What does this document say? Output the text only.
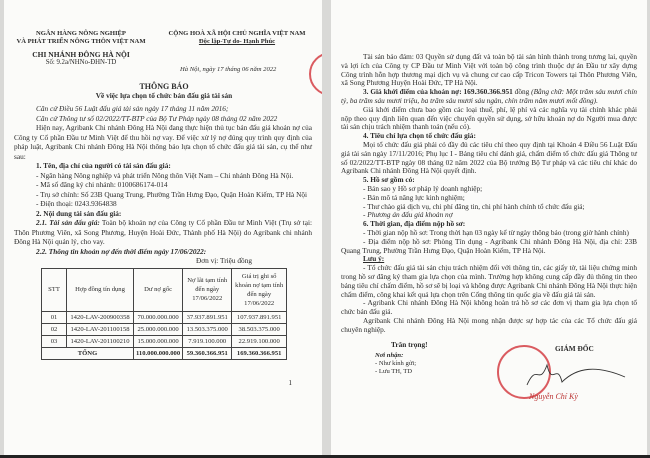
NGÂN HÀNG NÔNG NGHIỆP
VÀ PHÁT TRIỂN NÔNG THÔN VIỆT NAM
CHI NHÁNH ĐÔNG HÀ NỘI
Số: 9.2a/NHNo-ĐHN-TD
CỘNG HOÀ XÃ HỘI CHỦ NGHĨA VIỆT NAM
Độc lập-Tự do- Hạnh Phúc
Hà Nội, ngày 17 tháng 06 năm 2022
THÔNG BÁO
Về việc lựa chọn tổ chức bán đấu giá tài sản
Căn cứ Điều 56 Luật đấu giá tài sản ngày 17 tháng 11 năm 2016;
Căn cứ Thông tư số 02/2022/TT-BTP của Bộ Tư Pháp ngày 08 tháng 02 năm 2022
Hiện nay, Agribank Chi nhánh Đông Hà Nội đang thực hiện thủ tục bán đấu giá khoản nợ của Công ty Cổ phần Đầu tư Minh Việt để thu hồi nợ vay. Để việc xử lý nợ đúng quy trình quy định của pháp luật, Agribank Chi nhánh Đông Hà Nội thông báo lựa chọn tổ chức đấu giá tài sản, cụ thể như sau:
1. Tên, địa chỉ của người có tài sản đấu giá:
- Ngân hàng Nông nghiệp và phát triển Nông thôn Việt Nam – Chi nhánh Đông Hà Nội.
- Mã số đăng ký chi nhánh: 0100686174-014
- Trụ sở chính: Số 23B Quang Trung, Phường Trần Hưng Đạo, Quận Hoàn Kiếm, TP Hà Nội
- Điện thoại: 0243.9364838
2. Nội dung tài sản đấu giá:
2.1. Tài sản đấu giá: Toàn bộ khoản nợ của Công ty Cổ phần Đầu tư Minh Việt (Trụ sở tại: Thôn Phương Viên, xã Song Phương, Huyện Hoài Đức, Thành phố Hà Nội) do Agribank chi nhánh Đông Hà Nội quản lý, cho vay.
2.2. Thông tin khoản nợ đến thời điểm ngày 17/06/2022:
Đơn vị: Triệu đồng
STT	Hợp đồng tín dụng	Dư nợ gốc	Nợ lãi tạm tính đến ngày 17/06/2022	Giá trị ghi sổ khoản nợ tạm tính đến ngày 17/06/2022
01	1420-LAV-200900358	70.000.000.000	37.937.891.951	107.937.891.951
02	1420-LAV-201100158	25.000.000.000	13.503.375.000	38.503.375.000
03	1420-LAV-201100210	15.000.000.000	7.919.100.000	22.919.100.000
TỔNG		110.000.000.000	59.360.366.951	169.360.366.951
1
Tài sản bảo đảm: 03 Quyền sử dụng đất và toàn bộ tài sản hình thành trong tương lai, quyền và lợi ích của Công ty CP Đầu tư Minh Việt với toàn bộ công trình thuộc dự án Đầu tư xây dựng Công trình hỗn hợp thương mại dịch vụ và chung cư cao cấp Tricon Towers tại Thôn Phương Viên, xã Song Phương Huyện Hoài Đức, TP Hà Nội.
3. Giá khởi điểm của khoản nợ: 169.360.366.951 đồng (Bằng chữ: Một trăm sáu mươi chín tỷ, ba trăm sáu mươi triệu, ba trăm sáu mươi sáu ngàn, chín trăm năm mươi mốt đồng).
Giá khởi điểm chưa bao gồm các loại thuế, phí, lệ phí và các nghĩa vụ tài chính khác phải nộp theo quy định liên quan đến việc chuyển quyền sử dụng, sở hữu khoản nợ do Người mua được tài sản chịu trách nhiệm thanh toán (nếu có).
4. Tiêu chí lựa chọn tổ chức đấu giá:
Mọi tổ chức đấu giá phải có đầy đủ các tiêu chí theo quy định tại Khoản 4 Điều 56 Luật Đấu giá tài sản ngày 17/11/2016; Phụ lục I - Bảng tiêu chí đánh giá, chấm điểm tổ chức đấu giá Thông tư số 02/2022/TT-BTP ngày 08 tháng 02 năm 2022 của Bộ trưởng Bộ Tư pháp và các tiêu chí khác do Agribank Chi nhánh Đông Hà Nội quyết định.
5. Hồ sơ gồm có:
- Bản sao y Hồ sơ pháp lý doanh nghiệp;
- Bản mô tả năng lực kinh nghiệm;
- Thư chào giá dịch vụ, chi phí đăng tin, chi phí hành chính tổ chức đấu giá;
- Phương án đấu giá khoản nợ
6. Thời gian, địa điểm nộp hồ sơ:
- Thời gian nộp hồ sơ: Trong thời hạn 03 ngày kể từ ngày thông báo (trong giờ hành chính)
- Địa điểm nộp hồ sơ: Phòng Tín dụng - Agribank Chi nhánh Đông Hà Nội, địa chỉ: 23B Quang Trung, Phường Trần Hưng Đạo, Quận Hoàn Kiếm, TP Hà Nội.
Lưu ý:
- Tổ chức đấu giá tài sản chịu trách nhiệm đối với thông tin, các giấy tờ, tài liệu chứng minh trong hồ sơ đăng ký tham gia lựa chọn của mình. Trường hợp không cung cấp đầy đủ thông tin theo bảng tiêu chí chấm điểm, hồ sơ sẽ bị loại và không được Agribank Chi nhánh Đông Hà Nội thực hiện chấm điểm, công khai kết quả lựa chọn trên Cổng thông tin quốc gia về đấu giá tài sản.
- Agribank Chi nhánh Đông Hà Nội không hoàn trả hồ sơ các đơn vị tham gia lựa chọn tổ chức bán đấu giá.
Agribank Chi nhánh Đông Hà Nội mong nhận được sự hợp tác của các Tổ chức đấu giá chuyên nghiệp.
Trân trọng!
Nơi nhận:
- Như kính gửi;
- Lưu TH, TD
GIÁM ĐỐC
Nguyễn Chí Kỳ
